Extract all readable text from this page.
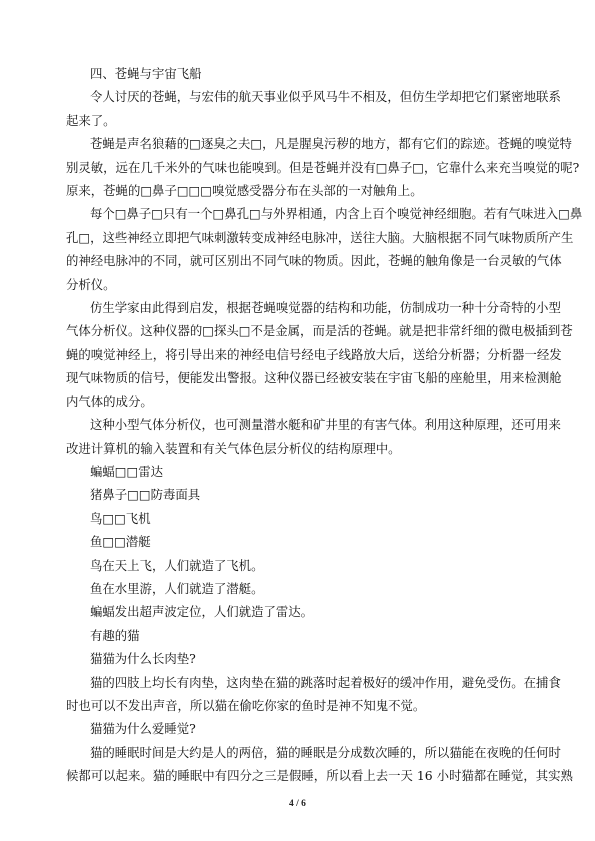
四、苍蝇与宇宙飞船

令人讨厌的苍蝇，与宏伟的航天事业似乎风马牛不相及，但仿生学却把它们紧密地联系

起来了。

苍蝇是声名狼藉的□逐臭之夫□，凡是腥臭污秽的地方，都有它们的踪迹。苍蝇的嗅觉特

别灵敏，远在几千米外的气味也能嗅到。但是苍蝇并没有□鼻子□，它靠什么来充当嗅觉的呢?

原来，苍蝇的□鼻子□□□嗅觉感受器分布在头部的一对触角上。

每个□鼻子□只有一个□鼻孔□与外界相通，内含上百个嗅觉神经细胞。若有气味进入□鼻

孔□，这些神经立即把气味刺激转变成神经电脉冲，送往大脑。大脑根据不同气味物质所产生

的神经电脉冲的不同，就可区别出不同气味的物质。因此，苍蝇的触角像是一台灵敏的气体

分析仪。

仿生学家由此得到启发，根据苍蝇嗅觉器的结构和功能，仿制成功一种十分奇特的小型

气体分析仪。这种仪器的□探头□不是金属，而是活的苍蝇。就是把非常纤细的微电极插到苍

蝇的嗅觉神经上，将引导出来的神经电信号经电子线路放大后，送给分析器；分析器一经发

现气味物质的信号，便能发出警报。这种仪器已经被安装在宇宙飞船的座舱里，用来检测舱

内气体的成分。

这种小型气体分析仪，也可测量潜水艇和矿井里的有害气体。利用这种原理，还可用来

改进计算机的输入装置和有关气体色层分析仪的结构原理中。

蝙蝠□□雷达

猪鼻子□□防毒面具

鸟□□飞机

鱼□□潜艇

鸟在天上飞，人们就造了飞机。

鱼在水里游，人们就造了潜艇。

蝙蝠发出超声波定位，人们就造了雷达。

有趣的猫

猫猫为什么长肉垫?

猫的四肢上均长有肉垫，这肉垫在猫的跳落时起着极好的缓冲作用，避免受伤。在捕食

时也可以不发出声音，所以猫在偷吃你家的鱼时是神不知鬼不觉。

猫猫为什么爱睡觉?

猫的睡眠时间是大约是人的两倍，猫的睡眠是分成数次睡的，所以猫能在夜晚的任何时

候都可以起来。猫的睡眠中有四分之三是假睡，所以看上去一天 16 小时猫都在睡觉，其实熟

4 / 6
